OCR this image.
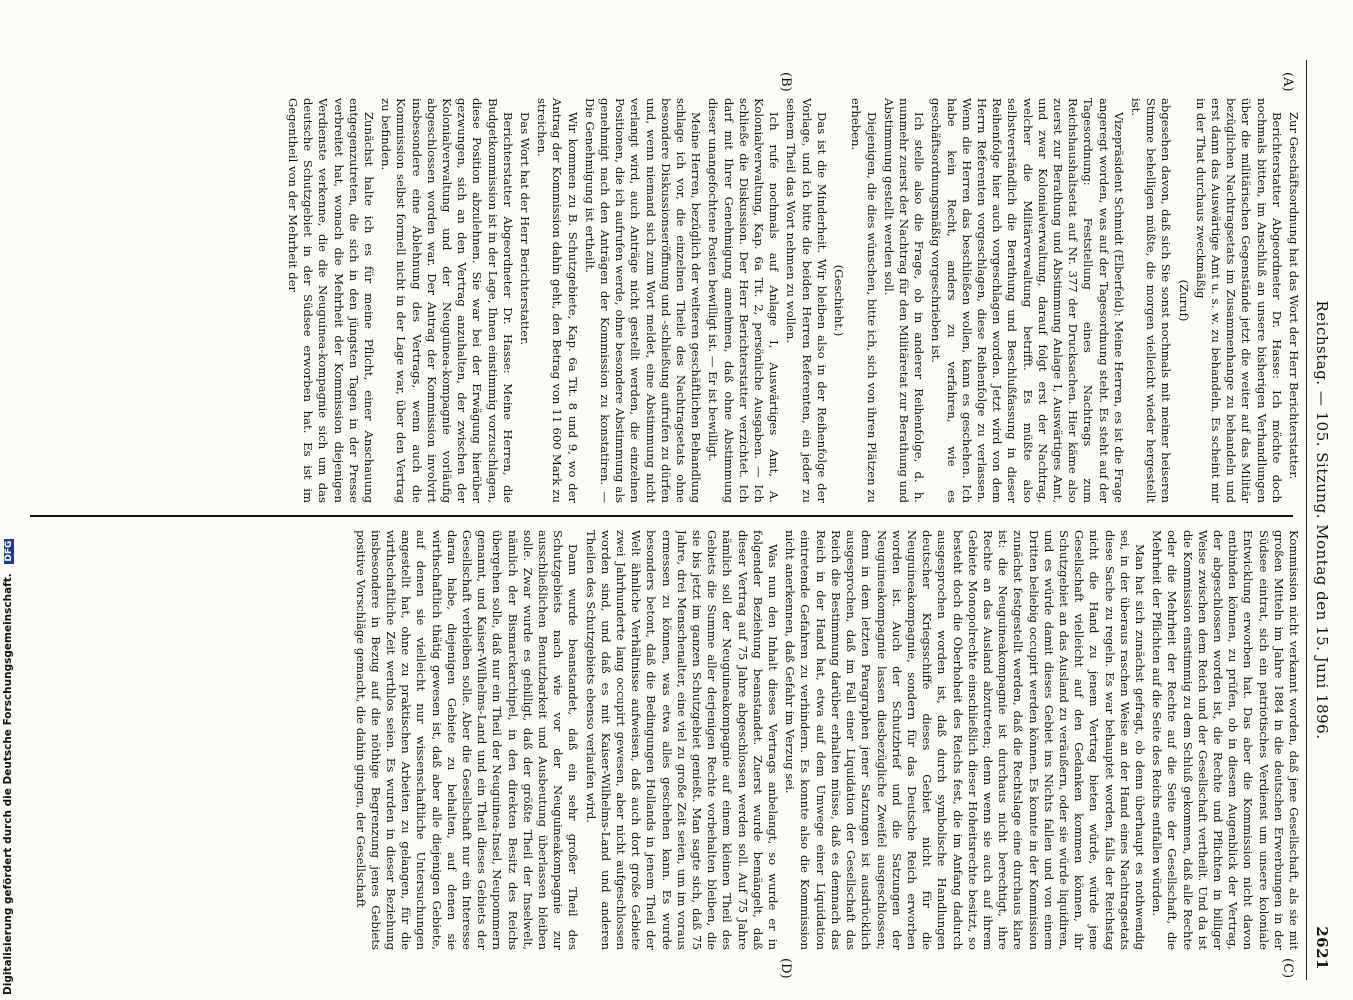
Reichstag. — 105. Sitzung. Montag den 15. Juni 1896.
2621
(A)
(B)
(C)
(D)

Zur Geschäftsordnung hat das Wort der Herr Berichterstatter.

Berichterstatter Abgeordneter Dr. Hasse: Ich möchte doch nochmals bitten, im Anschluß an unsere bisherigen Verhandlungen über die militärischen Gegenstände jetzt die weiter auf das Militär bezüglichen Nachtragsetats im Zusammenhange zu behandeln und erst dann das Auswärtige Amt u. s. w. zu behandeln. Es scheint mir in der That durchaus zweckmäßig

(Zuruf)

abgesehen davon, daß sich Sie sonst nochmals mit meiner heiseren Stimme behelligen müßte, die morgen vielleicht wieder hergestellt ist.

Vizepräsident Schmidt (Elberfeld): Meine Herren, es ist die Frage angeregt worden, was auf der Tagesordnung steht. Es steht auf der Tagesordnung: Feststellung eines Nachtrags zum Reichshaushaltsetat auf Nr. 377 der Drucksachen. Hier käme also zuerst zur Berathung und Abstimmung Anlage I, Auswärtiges Amt, und zwar Kolonialverwaltung, darauf folgt erst der Nachtrag, welcher die Militärverwaltung betrifft. Es müßte also selbstverständlich die Berathung und Beschlußfassung in dieser Reihenfolge hier auch vorgeschlagen worden. Jetzt wird von dem Herrn Referenten vorgeschlagen, diese Reihenfolge zu verlassen. Wenn die Herren das beschließen wollen, kann es geschehen. Ich habe kein Recht, anders zu verfahren, wie es geschäftsordnungsmäßig vorgeschrieben ist.

Ich stelle also die Frage, ob in anderer Reihenfolge, d. h. nunmehr zuerst der Nachtrag für den Militäretat zur Berathung und Abstimmung gestellt werden soll.

Diejenigen, die dies wünschen, bitte ich, sich von ihren Plätzen zu erheben.

(Geschieht.)

Das ist die Minderheit. Wir bleiben also in der Reihenfolge der Vorlage, und ich bitte die beiden Herren Referenten, ein jeder zu seinem Theil das Wort nehmen zu wollen.

Ich rufe nochmals auf Anlage I, Auswärtiges Amt, A. Kolonialverwaltung, Kap. 6a Tit. 2, persönliche Ausgaben. — Ich schließe die Diskussion. Der Herr Berichterstatter verzichtet. Ich darf mit Ihrer Genehmigung annehmen, daß ohne Abstimmung dieser unangefochtene Posten bewilligt ist. — Er ist bewilligt.

Meine Herren, bezüglich der weiteren geschäftlichen Behandlung schlage ich vor, die einzelnen Theile des Nachtragsetats ohne besondere Diskussionseröffnung und -schließung aufrufen zu dürfen und, wenn niemand sich zum Wort meldet, eine Abstimmung nicht verlangt wird, auch Anträge nicht gestellt werden, die einzelnen Positionen, die ich aufrufen werde, ohne besondere Abstimmung als genehmigt nach den Anträgen der Kommission zu konstatiren. — Die Genehmigung ist ertheilt.

Wir kommen zu B. Schutzgebiete, Kap. 6a Tit. 8 und 9, wo der Antrag der Kommission dahin geht, den Betrag von 11 600 Mark zu streichen.

Das Wort hat der Herr Berichterstatter.

Berichterstatter Abgeordneter Dr. Hasse: Meine Herren, die Budgetkommission ist in der Lage, Ihnen einstimmig vorzuschlagen, diese Position abzulehnen. Sie war bei der Erwägung hierüber gezwungen, sich an den Vertrag anzuhalten, der zwischen der Kolonialverwaltung und der Neuguinea-kompagnie vorläufig abgeschlossen worden war. Der Antrag der Kommission involvirt insbesondere eine Ablehnung des Vertrags, wenn auch die Kommission selbst formell nicht in der Lage war, über den Vertrag zu befinden.

Zunächst halte ich es für meine Pflicht, einer Anschauung entgegenzutreten, die sich in den jüngsten Tagen in der Presse verbreitet hat, wonach die Mehrheit der Kommission diejenigen Verdienste verkenne, die die Neuguinea-kompagnie sich um das deutsche Schutzgebiet in der Südsee erworben hat. Es ist im Gegentheil von der Mehrheit der

Kommission nicht verkannt worden, daß jene Gesellschaft, als sie mit großen Mitteln im Jahre 1884 in die deutschen Erwerbungen in der Südsee eintrat, sich ein patriotisches Verdienst um unsere koloniale Entwicklung erworben hat. Das aber die Kommission nicht davon entbinden können, zu prüfen, ob in diesem Augenblick der Vertrag, der abgeschlossen worden ist, die Rechte und Pflichten in billiger Weise zwischen dem Reich und der Gesellschaft vertheilt. Und da ist die Kommission einstimmig zu dem Schluß gekommen, daß alle Rechte oder die Mehrheit der Rechte auf die Seite der Gesellschaft, die Mehrheit der Pflichten auf die Seite des Reichs entfallen würden.

Man hat sich zunächst gefragt, ob denn überhaupt es nothwendig sei, in der überaus raschen Weise an der Hand eines Nachtragsetats diese Sache zu regeln. Es war behauptet worden, falls der Reichstag nicht die Hand zu jenem Vertrag bieten würde, würde jene Gesellschaft vielleicht auf den Gedanken kommen können, ihr Schutzgebiet an das Ausland zu veräußern, oder sie würde liquidiren, und es würde damit dieses Gebiet ins Nichts fallen und von einem Dritten beliebig occupirt werden können. Es konnte in der Kommission zunächst festgestellt werden, daß die Rechtslage eine durchaus klare ist: die Neuguineakompagnie ist durchaus nicht berechtigt, ihre Rechte an das Ausland abzutreten; denn wenn sie auch auf ihrem Gebiete Monopolrechte einschließlich dieser Hoheitsrechte besitzt, so besteht doch die Oberhoheit des Reichs fest, die im Anfang dadurch ausgesprochen worden ist, daß durch symbolische Handlungen deutscher Kriegsschiffe dieses Gebiet nicht für die Neuguineakompagnie, sondern für das Deutsche Reich erworben worden ist. Auch der Schutzbrief und die Satzungen der Neuguineakompagnie lassen diesbezügliche Zweifel ausgeschlossen; denn in dem letzten Paragraphen jener Satzungen ist ausdrücklich ausgesprochen, daß im Fall einer Liquidation der Gesellschaft das Reich die Bestimmung darüber erhalten müsse, daß es demnach das Reich in der Hand hat, etwa auf dem Umwege einer Liquidation eintretende Gefahren zu verhindern. Es konnte also die Kommission nicht anerkennen, daß Gefahr im Verzug sei.

Was nun den Inhalt dieses Vertrags anbelangt, so wurde er in folgender Beziehung beanstandet. Zuerst wurde bemängelt, daß dieser Vertrag auf 75 Jahre abgeschlossen werden soll. Auf 75 Jahre nämlich soll der Neuguineakompagnie auf einem kleinen Theil des Gebiets die Summe aller derjenigen Rechte vorbehalten bleiben, die sie bis jetzt im ganzen Schutzgebiet genießt. Man sagte sich, daß 75 Jahre, drei Menschenalter, eine viel zu große Zeit seien, um im voraus ermessen zu können, was etwa alles geschehen kann. Es wurde besonders betont, daß die Bedingungen Hollands in jenem Theil der Welt ähnliche Verhältnisse aufweisen, daß auch dort große Gebiete zwei Jahrhunderte lang occupirt gewesen, aber nicht aufgeschlossen worden sind, und daß es mit Kaiser-Wilhelms-Land und anderen Theilen des Schutzgebiets ebenso verlaufen wird.

Dann wurde beanstandet, daß ein sehr großer Theil des Schutzgebiets nach wie vor der Neuguineakompagnie zur ausschließlichen Benutzbarkeit und Ausbeutung überlassen bleiben solle. Zwar wurde es gebilligt, daß der größte Theil der Inselwelt, nämlich der Bismarckarchipel, in den direkten Besitz des Reichs übergehen solle, daß nur ein Theil der Neuguinea-Insel, Neupommern genannt, und Kaiser-Wilhelms-Land und ein Theil dieses Gebiets der Gesellschaft verbleiben solle. Aber die Gesellschaft nur ein Interesse daran habe, diejenigen Gebiete zu behalten, auf denen sie wirthschaftlich thätig gewesen ist, daß aber alle diejenigen Gebiete, auf denen sie vielleicht nur wissenschaftliche Untersuchungen angestellt hat, ohne zu praktischen Arbeiten zu gelangen, für die wirthschaftliche Zeit werthlos seien. Es wurden in dieser Beziehung insbesondere in Bezug auf die nöthige Begrenzung jenes Gebiets positive Vorschläge gemacht, die dahin gingen, der Gesellschaft

Digitalisierung gefördert durch die Deutsche Forschungsgemeinschaft. DFG
